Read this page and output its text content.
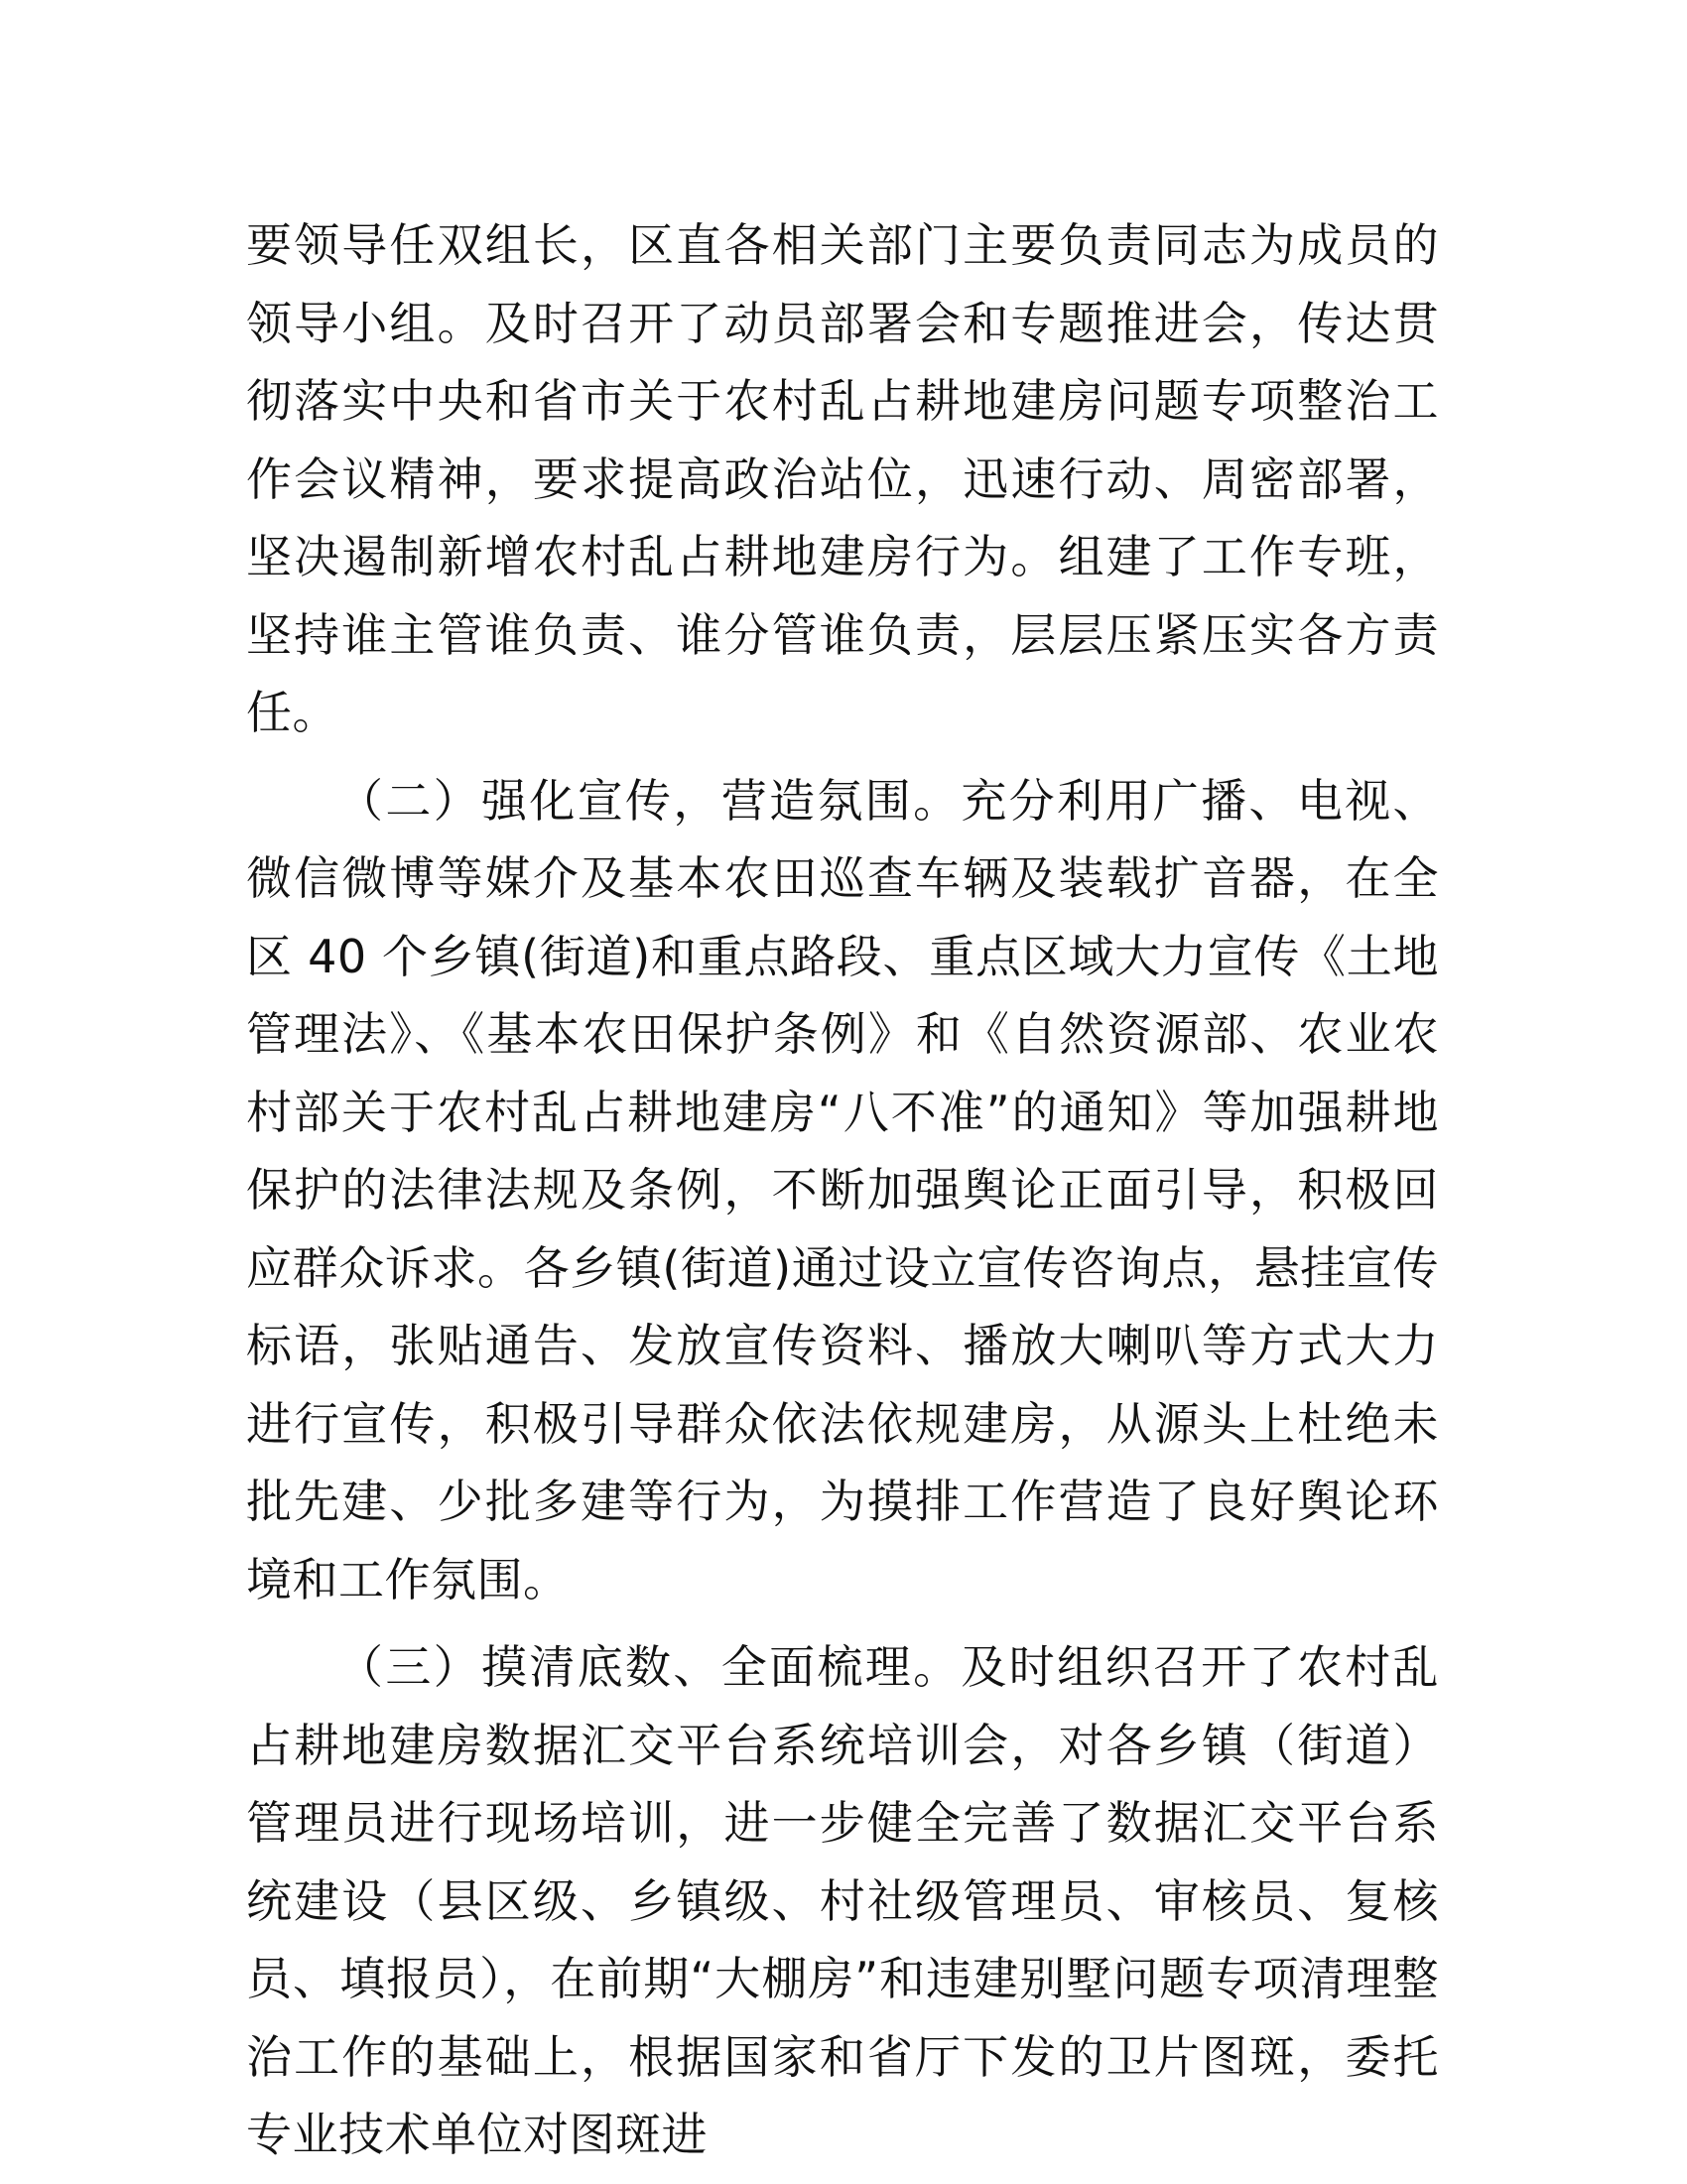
要领导任双组长，区直各相关部门主要负责同志为成员的领导小组。及时召开了动员部署会和专题推进会，传达贯彻落实中央和省市关于农村乱占耕地建房问题专项整治工作会议精神，要求提高政治站位，迅速行动、周密部署，坚决遏制新增农村乱占耕地建房行为。组建了工作专班，坚持谁主管谁负责、谁分管谁负责，层层压紧压实各方责任。

（二）强化宣传，营造氛围。充分利用广播、电视、微信微博等媒介及基本农田巡查车辆及装载扩音器，在全区 40 个乡镇(街道)和重点路段、重点区域大力宣传《土地管理法》、《基本农田保护条例》和《自然资源部、农业农村部关于农村乱占耕地建房“八不准”的通知》等加强耕地保护的法律法规及条例，不断加强舆论正面引导，积极回应群众诉求。各乡镇(街道)通过设立宣传咨询点，悬挂宣传标语，张贴通告、发放宣传资料、播放大喇叭等方式大力进行宣传，积极引导群众依法依规建房，从源头上杜绝未批先建、少批多建等行为，为摸排工作营造了良好舆论环境和工作氛围。

（三）摸清底数、全面梳理。及时组织召开了农村乱占耕地建房数据汇交平台系统培训会，对各乡镇（街道）管理员进行现场培训，进一步健全完善了数据汇交平台系统建设（县区级、乡镇级、村社级管理员、审核员、复核员、填报员），在前期“大棚房”和违建别墅问题专项清理整治工作的基础上，根据国家和省厅下发的卫片图斑，委托专业技术单位对图斑进
